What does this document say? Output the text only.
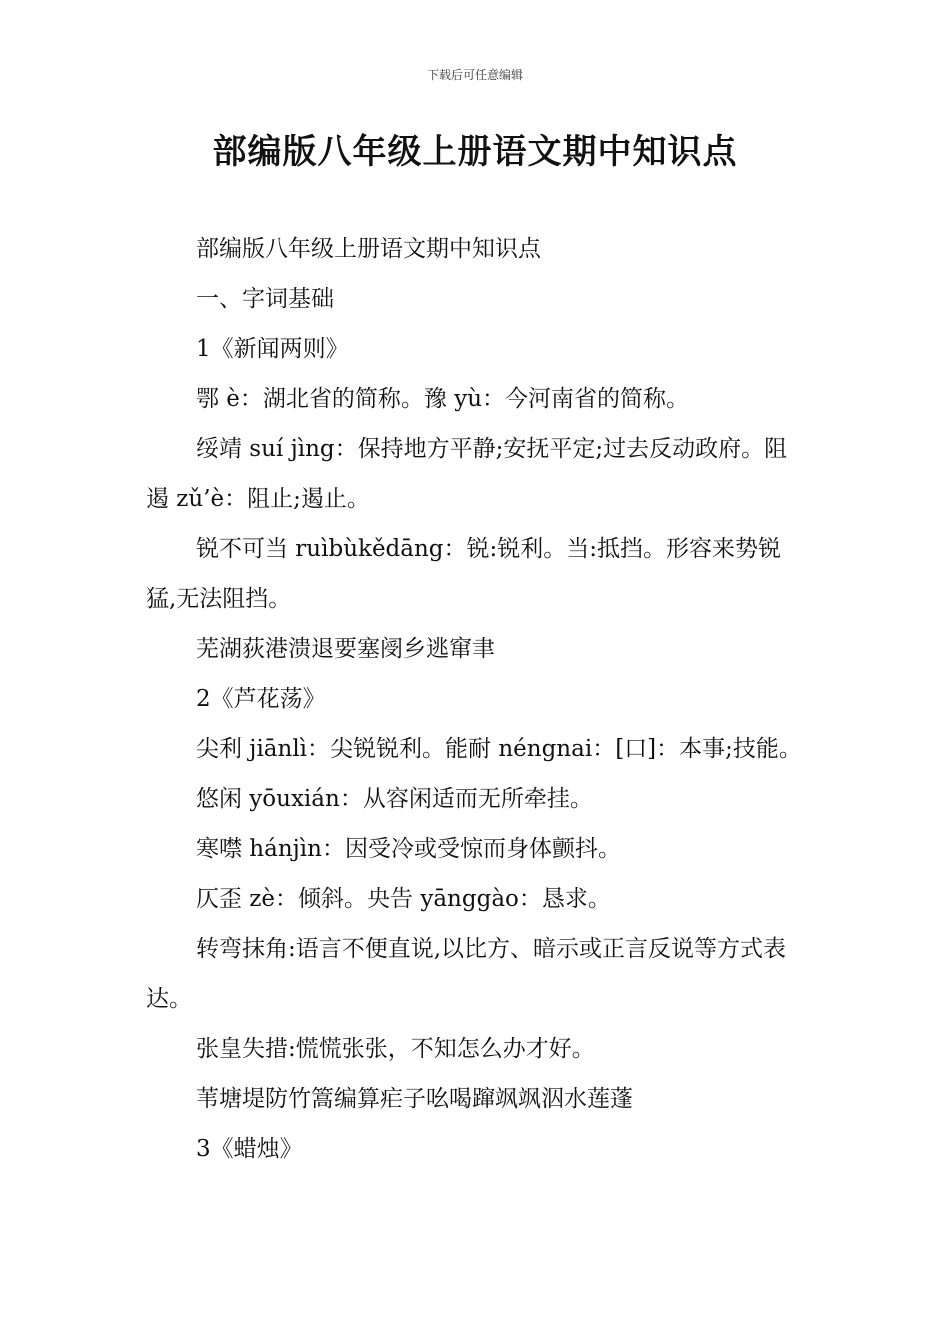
下载后可任意编辑
部编版八年级上册语文期中知识点

部编版八年级上册语文期中知识点

一、字词基础

1《新闻两则》

鄂 è：湖北省的简称。豫 yù：今河南省的简称。

绥靖 suí jìng：保持地方平静;安抚平定;过去反动政府。阻遏 zǔ’è：阻止;遏止。

锐不可当 ruìbùkědāng：锐:锐利。当:抵挡。形容来势锐猛,无法阻挡。

芜湖荻港溃退要塞阌乡逃窜聿

2《芦花荡》

尖利 jiānlì：尖锐锐利。能耐 néngnai：[口]：本事;技能。

悠闲 yōuxián：从容闲适而无所牵挂。

寒噤 hánjìn：因受冷或受惊而身体颤抖。

仄歪 zè：倾斜。央告 yānggào：恳求。

转弯抹角:语言不便直说,以比方、暗示或正言反说等方式表达。

张皇失措:慌慌张张，不知怎么办才好。

苇塘堤防竹篙编算疟子吆喝蹿飒飒泅水莲蓬

3《蜡烛》
